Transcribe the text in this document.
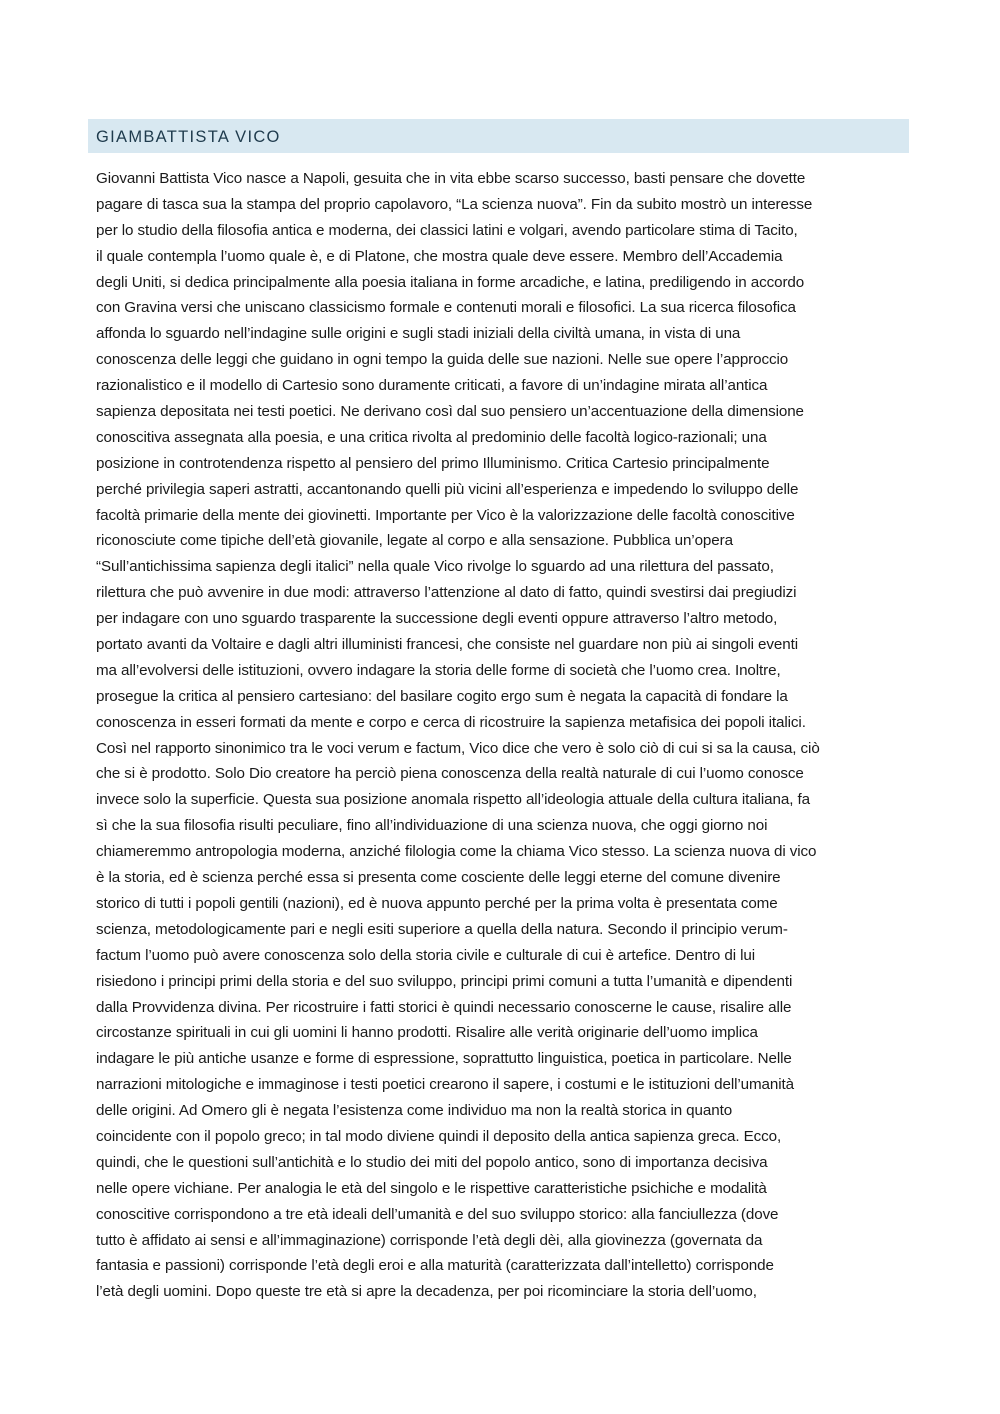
GIAMBATTISTA VICO
Giovanni Battista Vico nasce a Napoli, gesuita che in vita ebbe scarso successo, basti pensare che dovette
pagare di tasca sua la stampa del proprio capolavoro, “La scienza nuova”. Fin da subito mostrò un interesse
per lo studio della filosofia antica e moderna, dei classici latini e volgari, avendo particolare stima di Tacito,
il quale contempla l’uomo quale è, e di Platone, che mostra quale deve essere. Membro dell’Accademia
degli Uniti, si dedica principalmente alla poesia italiana in forme arcadiche, e latina, prediligendo in accordo
con Gravina versi che uniscano classicismo formale e contenuti morali e filosofici. La sua ricerca filosofica
affonda lo sguardo nell’indagine sulle origini e sugli stadi iniziali della civiltà umana, in vista di una
conoscenza delle leggi che guidano in ogni tempo la guida delle sue nazioni. Nelle sue opere l’approccio
razionalistico e il modello di Cartesio sono duramente criticati, a favore di un’indagine mirata all’antica
sapienza depositata nei testi poetici. Ne derivano così dal suo pensiero un’accentuazione della dimensione
conoscitiva assegnata alla poesia, e una critica rivolta al predominio delle facoltà logico-razionali; una
posizione in controtendenza rispetto al pensiero del primo Illuminismo. Critica Cartesio principalmente
perché privilegia saperi astratti, accantonando quelli più vicini all’esperienza e impedendo lo sviluppo delle
facoltà primarie della mente dei giovinetti. Importante per Vico è la valorizzazione delle facoltà conoscitive
riconosciute come tipiche dell’età giovanile, legate al corpo e alla sensazione. Pubblica un’opera
“Sull’antichissima sapienza degli italici” nella quale Vico rivolge lo sguardo ad una rilettura del passato,
rilettura che può avvenire in due modi: attraverso l’attenzione al dato di fatto, quindi svestirsi dai pregiudizi
per indagare con uno sguardo trasparente la successione degli eventi oppure attraverso l’altro metodo,
portato avanti da Voltaire e dagli altri illuministi francesi, che consiste nel guardare non più ai singoli eventi
ma all’evolversi delle istituzioni, ovvero indagare la storia delle forme di società che l’uomo crea. Inoltre,
prosegue la critica al pensiero cartesiano: del basilare cogito ergo sum è negata la capacità di fondare la
conoscenza in esseri formati da mente e corpo e cerca di ricostruire la sapienza metafisica dei popoli italici.
Così nel rapporto sinonimico tra le voci verum e factum, Vico dice che vero è solo ciò di cui si sa la causa, ciò
che si è prodotto. Solo Dio creatore ha perciò piena conoscenza della realtà naturale di cui l’uomo conosce
invece solo la superficie. Questa sua posizione anomala rispetto all’ideologia attuale della cultura italiana, fa
sì che la sua filosofia risulti peculiare, fino all’individuazione di una scienza nuova, che oggi giorno noi
chiameremmo antropologia moderna, anziché filologia come la chiama Vico stesso. La scienza nuova di vico
è la storia, ed è scienza perché essa si presenta come cosciente delle leggi eterne del comune divenire
storico di tutti i popoli gentili (nazioni), ed è nuova appunto perché per la prima volta è presentata come
scienza, metodologicamente pari e negli esiti superiore a quella della natura. Secondo il principio verum-
factum l’uomo può avere conoscenza solo della storia civile e culturale di cui è artefice. Dentro di lui
risiedono i principi primi della storia e del suo sviluppo, principi primi comuni a tutta l’umanità e dipendenti
dalla Provvidenza divina. Per ricostruire i fatti storici è quindi necessario conoscerne le cause, risalire alle
circostanze spirituali in cui gli uomini li hanno prodotti. Risalire alle verità originarie dell’uomo implica
indagare le più antiche usanze e forme di espressione, soprattutto linguistica, poetica in particolare. Nelle
narrazioni mitologiche e immaginose i testi poetici crearono il sapere, i costumi e le istituzioni dell’umanità
delle origini. Ad Omero gli è negata l’esistenza come individuo ma non la realtà storica in quanto
coincidente con il popolo greco; in tal modo diviene quindi il deposito della antica sapienza greca. Ecco,
quindi, che le questioni sull’antichità e lo studio dei miti del popolo antico, sono di importanza decisiva
nelle opere vichiane. Per analogia le età del singolo e le rispettive caratteristiche psichiche e modalità
conoscitive corrispondono a tre età ideali dell’umanità e del suo sviluppo storico: alla fanciullezza (dove
tutto è affidato ai sensi e all’immaginazione) corrisponde l’età degli dèi, alla giovinezza (governata da
fantasia e passioni) corrisponde l’età degli eroi e alla maturità (caratterizzata dall’intelletto) corrisponde
l’età degli uomini. Dopo queste tre età si apre la decadenza, per poi ricominciare la storia dell’uomo,
